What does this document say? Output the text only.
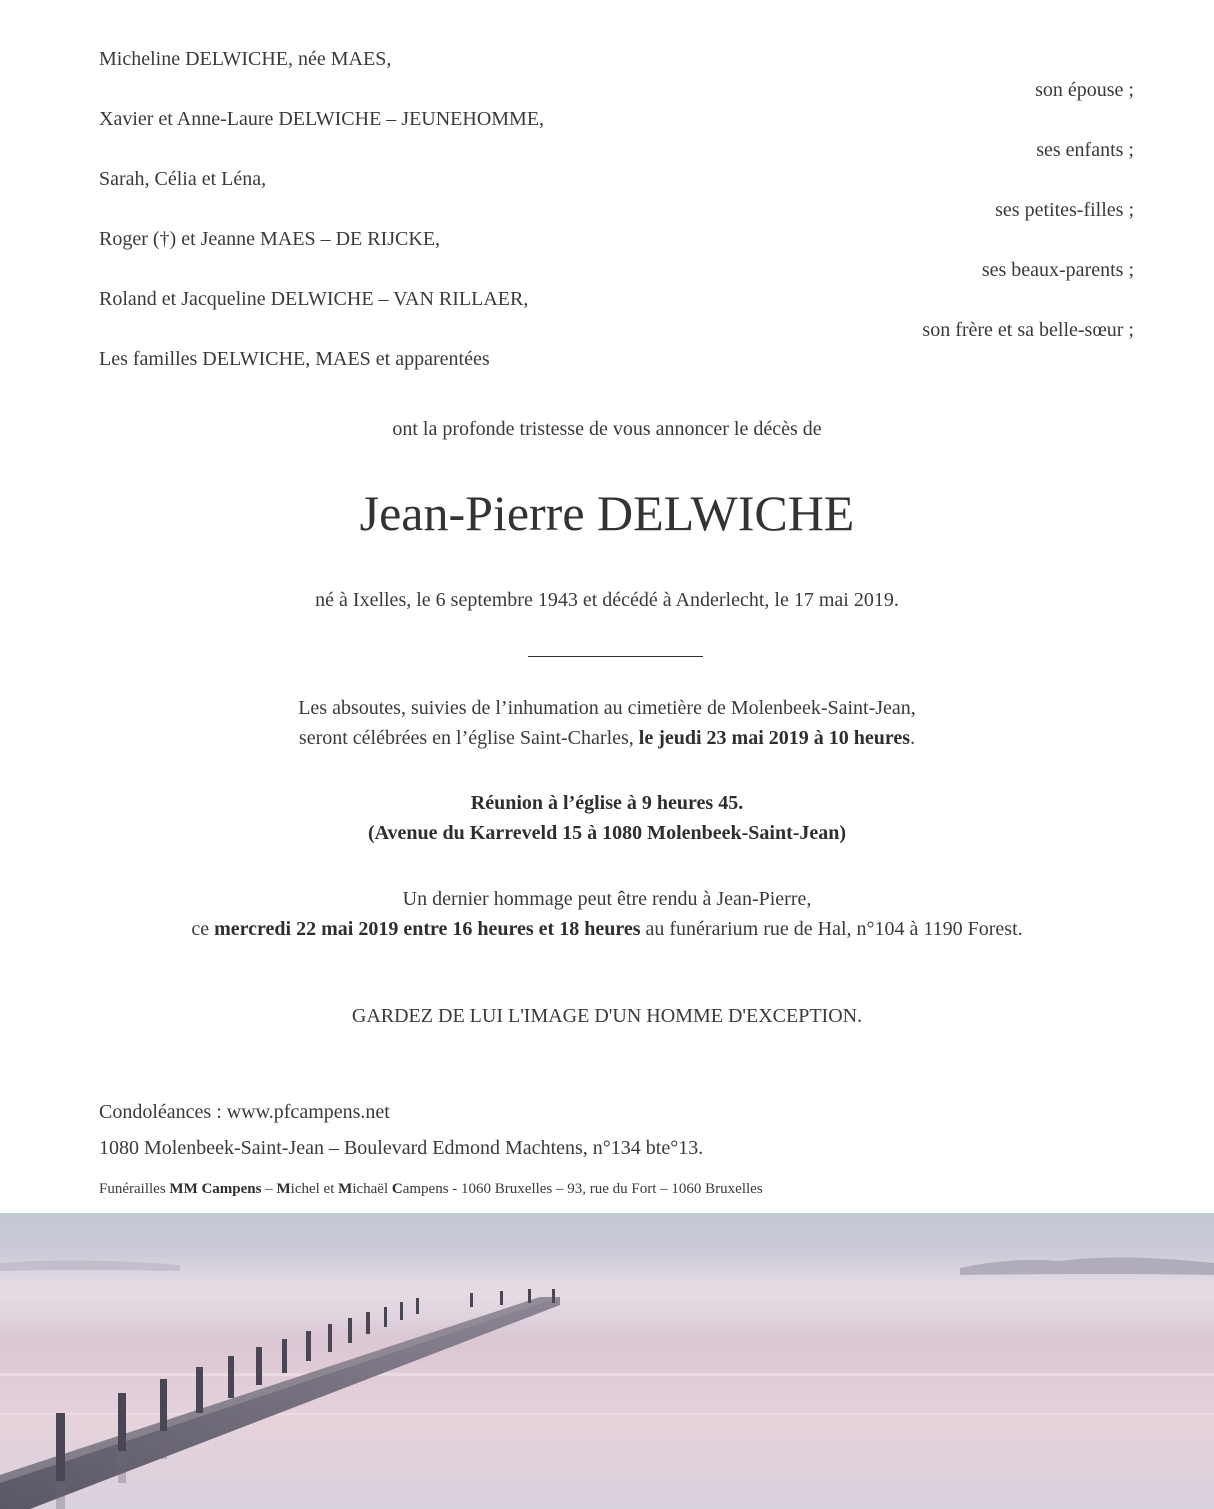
Micheline DELWICHE, née MAES,
son épouse ;
Xavier et Anne-Laure DELWICHE – JEUNEHOMME,
ses enfants ;
Sarah, Célia et Léna,
ses petites-filles ;
Roger (†) et Jeanne MAES – DE RIJCKE,
ses beaux-parents ;
Roland et Jacqueline DELWICHE – VAN RILLAER,
son frère et sa belle-sœur ;
Les familles DELWICHE, MAES et apparentées
ont la profonde tristesse de vous annoncer le décès de
Jean-Pierre DELWICHE
né à Ixelles, le 6 septembre 1943 et décédé à Anderlecht, le 17 mai 2019.
Les absoutes, suivies de l’inhumation au cimetière de Molenbeek-Saint-Jean,
seront célébrées en l’église Saint-Charles, le jeudi 23 mai 2019 à 10 heures.
Réunion à l’église à 9 heures 45.
(Avenue du Karreveld 15 à 1080 Molenbeek-Saint-Jean)
Un dernier hommage peut être rendu à Jean-Pierre,
ce mercredi 22 mai 2019 entre 16 heures et 18 heures au funérarium rue de Hal, n°104 à 1190 Forest.
GARDEZ DE LUI L'IMAGE D'UN HOMME D'EXCEPTION.
Condoléances : www.pfcampens.net
1080 Molenbeek-Saint-Jean – Boulevard Edmond Machtens, n°134 bte°13.
Funérailles MM Campens – Michel et Michaël Campens - 1060 Bruxelles – 93, rue du Fort – 1060 Bruxelles
